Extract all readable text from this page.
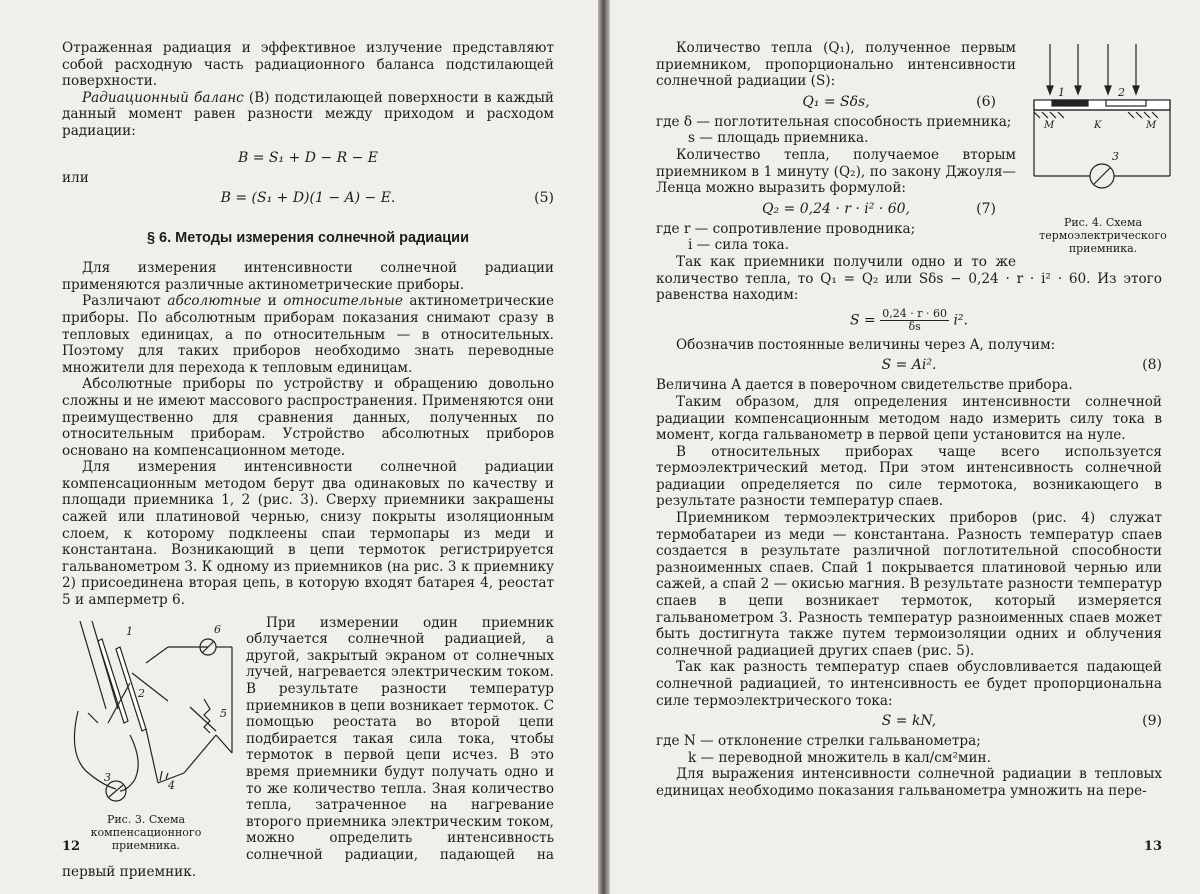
Отраженная радиация и эффективное излучение представляют собой расходную часть радиационного баланса подстилающей поверхности.

Радиационный баланс (B) подстилающей поверхности в каждый данный момент равен разности между приходом и расходом радиации:

B = S₁ + D − R − E

или

B = (S₁ + D)(1 − A) − E.	(5)
§ 6. Методы измерения солнечной радиации

Для измерения интенсивности солнечной радиации применяются различные актинометрические приборы.

Различают абсолютные и относительные актинометрические приборы. По абсолютным приборам показания снимают сразу в тепловых единицах, а по относительным — в относительных. Поэтому для таких приборов необходимо знать переводные множители для перехода к тепловым единицам.

Абсолютные приборы по устройству и обращению довольно сложны и не имеют массового распространения. Применяются они преимущественно для сравнения данных, полученных по относительным приборам. Устройство абсолютных приборов основано на компенсационном методе.

Для измерения интенсивности солнечной радиации компенсационным методом берут два одинаковых по качеству и площади приемника 1, 2 (рис. 3). Сверху приемники закрашены сажей или платиновой чернью, снизу покрыты изоляционным слоем, к которому подклеены спаи термопары из меди и константана. Возникающий в цепи термоток регистрируется гальванометром 3. К одному из приемников (на рис. 3 к приемнику 2) присоединена вторая цепь, в которую входят батарея 4, реостат 5 и амперметр 6.

1
2
3
4
5
6
Рис. 3. Схема компенсационного приемника.

При измерении один приемник облучается солнечной радиацией, а другой, закрытый экраном от солнечных лучей, нагревается электрическим током. В результате разности температур приемников в цепи возникает термоток. С помощью реостата во второй цепи подбирается такая сила тока, чтобы термоток в первой цепи исчез. В это время приемники будут получать одно и то же количество тепла. Зная количество тепла, затраченное на нагревание второго приемника электрическим током, можно определить интенсивность солнечной радиации, падающей на первый приемник.

12
1	2
3
M	K	M
Рис. 4. Схема термоэлектрического приемника.

Количество тепла (Q₁), полученное первым приемником, пропорционально интенсивности солнечной радиации (S):

Q₁ = Sδs,	(6)

где δ — поглотительная способность приемника;

s — площадь приемника.

Количество тепла, получаемое вторым приемником в 1 минуту (Q₂), по закону Джоуля—Ленца можно выразить формулой:

Q₂ = 0,24 · r · i² · 60,	(7)

где r — сопротивление проводника;

i — сила тока.

Так как приемники получили одно и то же количество тепла, то Q₁ = Q₂ или Sδs − 0,24 · r · i² · 60. Из этого равенства находим:

$S = \frac{0,24 \cdot r \cdot 60}{\delta s} i^2$.

Обозначив постоянные величины через A, получим:

S = Ai².	(8)

Величина A дается в поверочном свидетельстве прибора.

Таким образом, для определения интенсивности солнечной радиации компенсационным методом надо измерить силу тока в момент, когда гальванометр в первой цепи установится на нуле.

В относительных приборах чаще всего используется термоэлектрический метод. При этом интенсивность солнечной радиации определяется по силе термотока, возникающего в результате разности температур спаев.

Приемником термоэлектрических приборов (рис. 4) служат термобатареи из меди — константана. Разность температур спаев создается в результате различной поглотительной способности разноименных спаев. Спай 1 покрывается платиновой чернью или сажей, а спай 2 — окисью магния. В результате разности температур спаев в цепи возникает термоток, который измеряется гальванометром 3. Разность температур разноименных спаев может быть достигнута также путем термоизоляции одних и облучения солнечной радиацией других спаев (рис. 5).

Так как разность температур спаев обусловливается падающей солнечной радиацией, то интенсивность ее будет пропорциональна силе термоэлектрического тока:

S = kN,	(9)

где N — отклонение стрелки гальванометра;

k — переводной множитель в кал/см²мин.

Для выражения интенсивности солнечной радиации в тепловых единицах необходимо показания гальванометра умножить на пере-

13
